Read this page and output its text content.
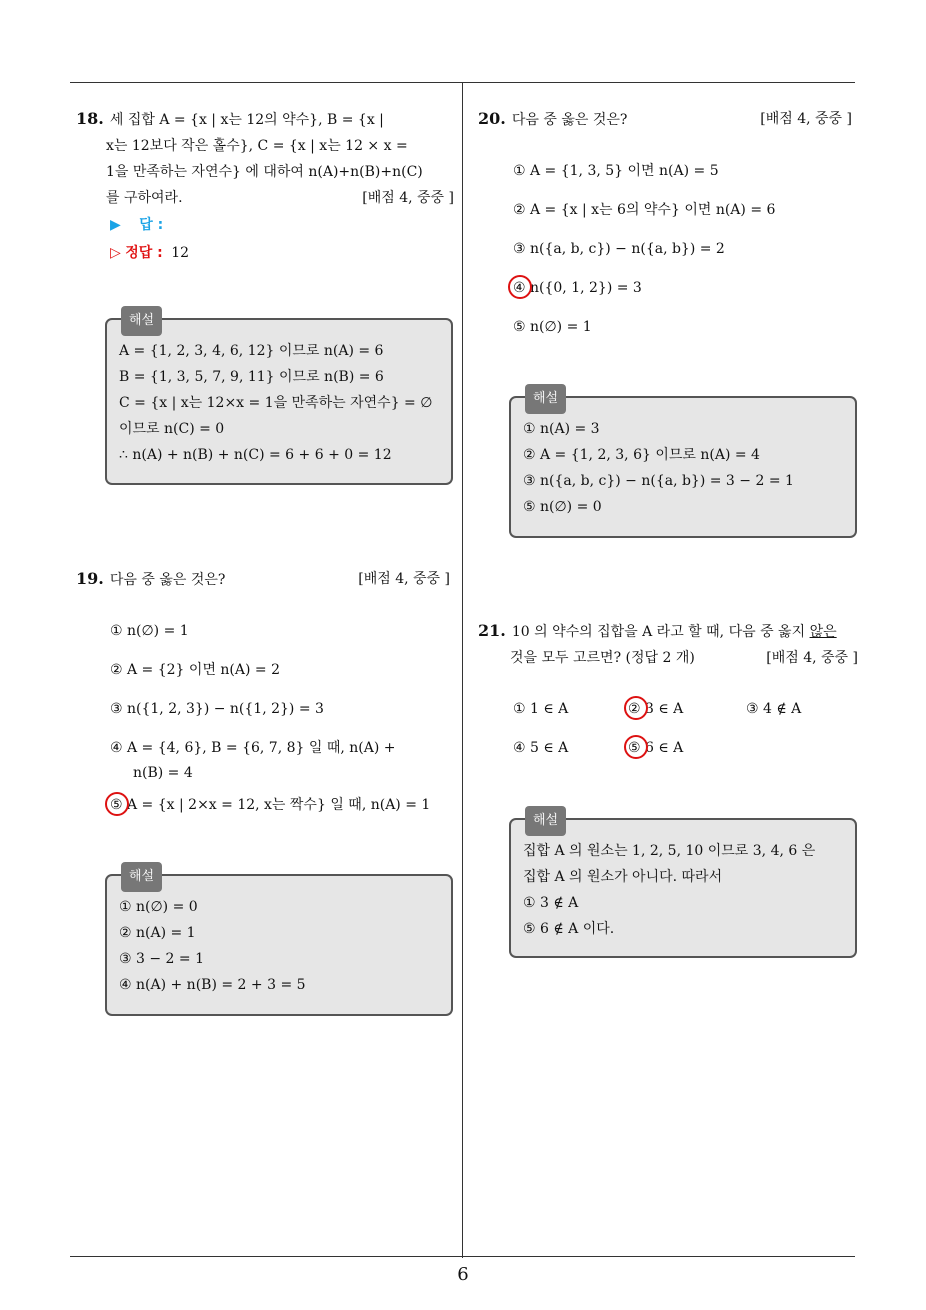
18. 세 집합 A = {x | x는 12의 약수}, B = {x |
x는 12보다 작은 홀수}, C = {x | x는 12 × x =
1을 만족하는 자연수} 에 대하여 n(A)+n(B)+n(C)
를 구하여라.	[배점 4, 중중 ]
▶ 답 :
▷ 정답 : 12
해설
A = {1, 2, 3, 4, 6, 12} 이므로 n(A) = 6
B = {1, 3, 5, 7, 9, 11} 이므로 n(B) = 6
C = {x | x는 12×x = 1을 만족하는 자연수} = ∅
이므로 n(C) = 0
∴ n(A) + n(B) + n(C) = 6 + 6 + 0 = 12
19. 다음 중 옳은 것은?	[배점 4, 중중 ]
① n(∅) = 1
② A = {2} 이면 n(A) = 2
③ n({1, 2, 3}) − n({1, 2}) = 3
④ A = {4, 6}, B = {6, 7, 8} 일 때, n(A) +
n(B) = 4
⑤ A = {x | 2×x = 12, x는 짝수} 일 때, n(A) = 1
해설
① n(∅) = 0
② n(A) = 1
③ 3 − 2 = 1
④ n(A) + n(B) = 2 + 3 = 5
20. 다음 중 옳은 것은?	[배점 4, 중중 ]
① A = {1, 3, 5} 이면 n(A) = 5
② A = {x | x는 6의 약수} 이면 n(A) = 6
③ n({a, b, c}) − n({a, b}) = 2
④ n({0, 1, 2}) = 3
⑤ n(∅) = 1
해설
① n(A) = 3
② A = {1, 2, 3, 6} 이므로 n(A) = 4
③ n({a, b, c}) − n({a, b}) = 3 − 2 = 1
⑤ n(∅) = 0
21. 10 의 약수의 집합을 A 라고 할 때, 다음 중 옳지 않은
것을 모두 고르면? (정답 2 개)	[배점 4, 중중 ]
① 1 ∈ A	② 3 ∈ A	③ 4 ∉ A
④ 5 ∈ A	⑤ 6 ∈ A
해설
집합 A 의 원소는 1, 2, 5, 10 이므로 3, 4, 6 은
집합 A 의 원소가 아니다. 따라서
① 3 ∉ A
⑤ 6 ∉ A 이다.
6
